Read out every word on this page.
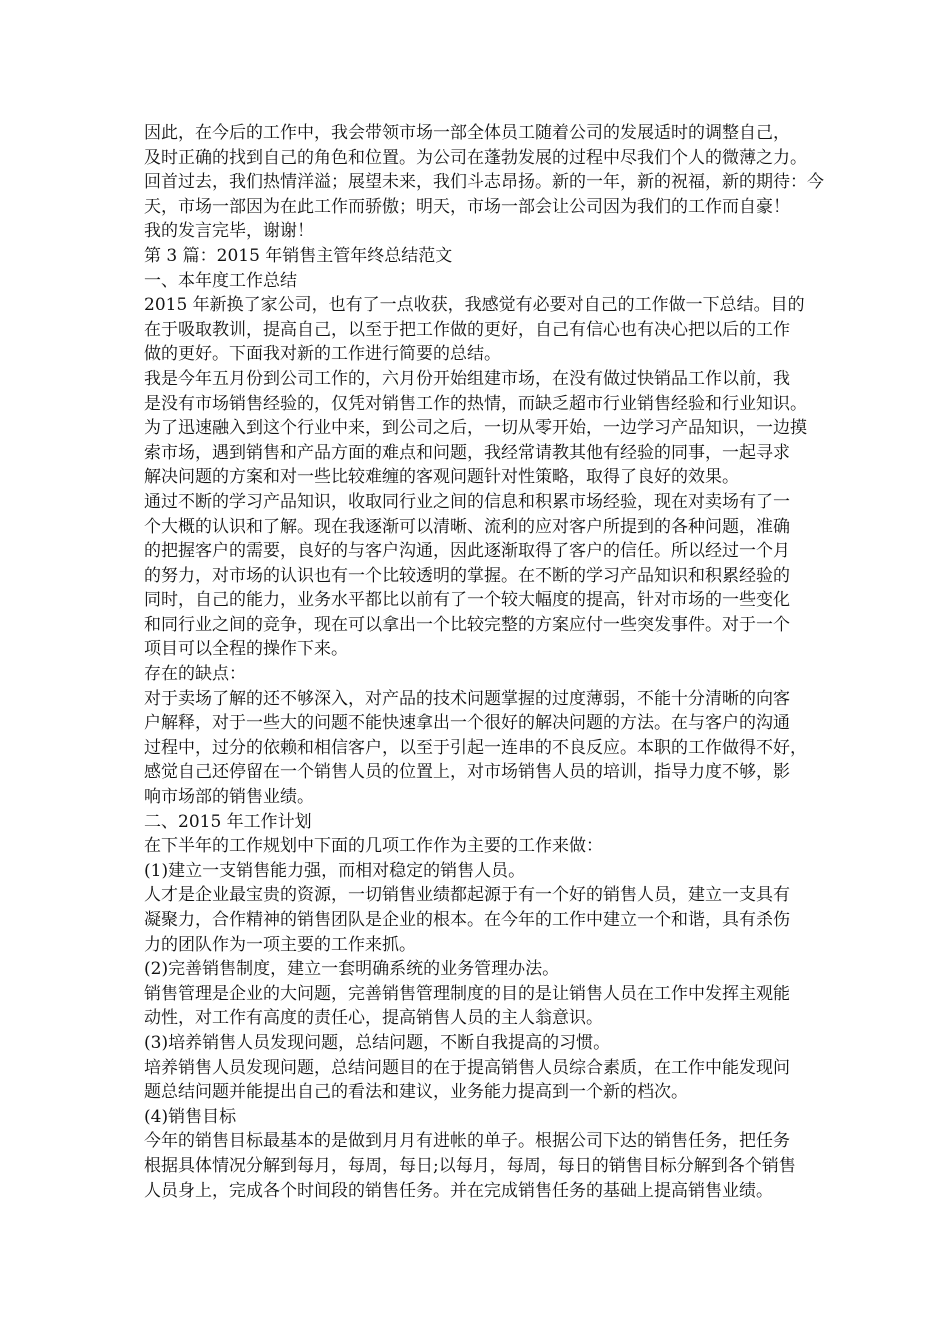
因此，在今后的工作中，我会带领市场一部全体员工随着公司的发展适时的调整自己，
及时正确的找到自己的角色和位置。为公司在蓬勃发展的过程中尽我们个人的微薄之力。
回首过去，我们热情洋溢；展望未来，我们斗志昂扬。新的一年，新的祝福，新的期待：今
天，市场一部因为在此工作而骄傲；明天，市场一部会让公司因为我们的工作而自豪！
我的发言完毕，谢谢！
第 3 篇：2015 年销售主管年终总结范文
一、本年度工作总结
2015 年新换了家公司，也有了一点收获，我感觉有必要对自己的工作做一下总结。目的
在于吸取教训，提高自己，以至于把工作做的更好，自己有信心也有决心把以后的工作
做的更好。下面我对新的工作进行简要的总结。
我是今年五月份到公司工作的，六月份开始组建市场，在没有做过快销品工作以前，我
是没有市场销售经验的，仅凭对销售工作的热情，而缺乏超市行业销售经验和行业知识。
为了迅速融入到这个行业中来，到公司之后，一切从零开始，一边学习产品知识，一边摸
索市场，遇到销售和产品方面的难点和问题，我经常请教其他有经验的同事，一起寻求
解决问题的方案和对一些比较难缠的客观问题针对性策略，取得了良好的效果。
通过不断的学习产品知识，收取同行业之间的信息和积累市场经验，现在对卖场有了一
个大概的认识和了解。现在我逐渐可以清晰、流利的应对客户所提到的各种问题，准确
的把握客户的需要，良好的与客户沟通，因此逐渐取得了客户的信任。所以经过一个月
的努力，对市场的认识也有一个比较透明的掌握。在不断的学习产品知识和积累经验的
同时，自己的能力，业务水平都比以前有了一个较大幅度的提高，针对市场的一些变化
和同行业之间的竞争，现在可以拿出一个比较完整的方案应付一些突发事件。对于一个
项目可以全程的操作下来。
存在的缺点：
对于卖场了解的还不够深入，对产品的技术问题掌握的过度薄弱，不能十分清晰的向客
户解释，对于一些大的问题不能快速拿出一个很好的解决问题的方法。在与客户的沟通
过程中，过分的依赖和相信客户，以至于引起一连串的不良反应。本职的工作做得不好，
感觉自己还停留在一个销售人员的位置上，对市场销售人员的培训，指导力度不够，影
响市场部的销售业绩。
二、2015 年工作计划
在下半年的工作规划中下面的几项工作作为主要的工作来做：
(1)建立一支销售能力强，而相对稳定的销售人员。
人才是企业最宝贵的资源，一切销售业绩都起源于有一个好的销售人员，建立一支具有
凝聚力，合作精神的销售团队是企业的根本。在今年的工作中建立一个和谐，具有杀伤
力的团队作为一项主要的工作来抓。
(2)完善销售制度，建立一套明确系统的业务管理办法。
销售管理是企业的大问题，完善销售管理制度的目的是让销售人员在工作中发挥主观能
动性，对工作有高度的责任心，提高销售人员的主人翁意识。
(3)培养销售人员发现问题，总结问题，不断自我提高的习惯。
培养销售人员发现问题，总结问题目的在于提高销售人员综合素质，在工作中能发现问
题总结问题并能提出自己的看法和建议，业务能力提高到一个新的档次。
(4)销售目标
今年的销售目标最基本的是做到月月有进帐的单子。根据公司下达的销售任务，把任务
根据具体情况分解到每月，每周，每日;以每月，每周，每日的销售目标分解到各个销售
人员身上，完成各个时间段的销售任务。并在完成销售任务的基础上提高销售业绩。
